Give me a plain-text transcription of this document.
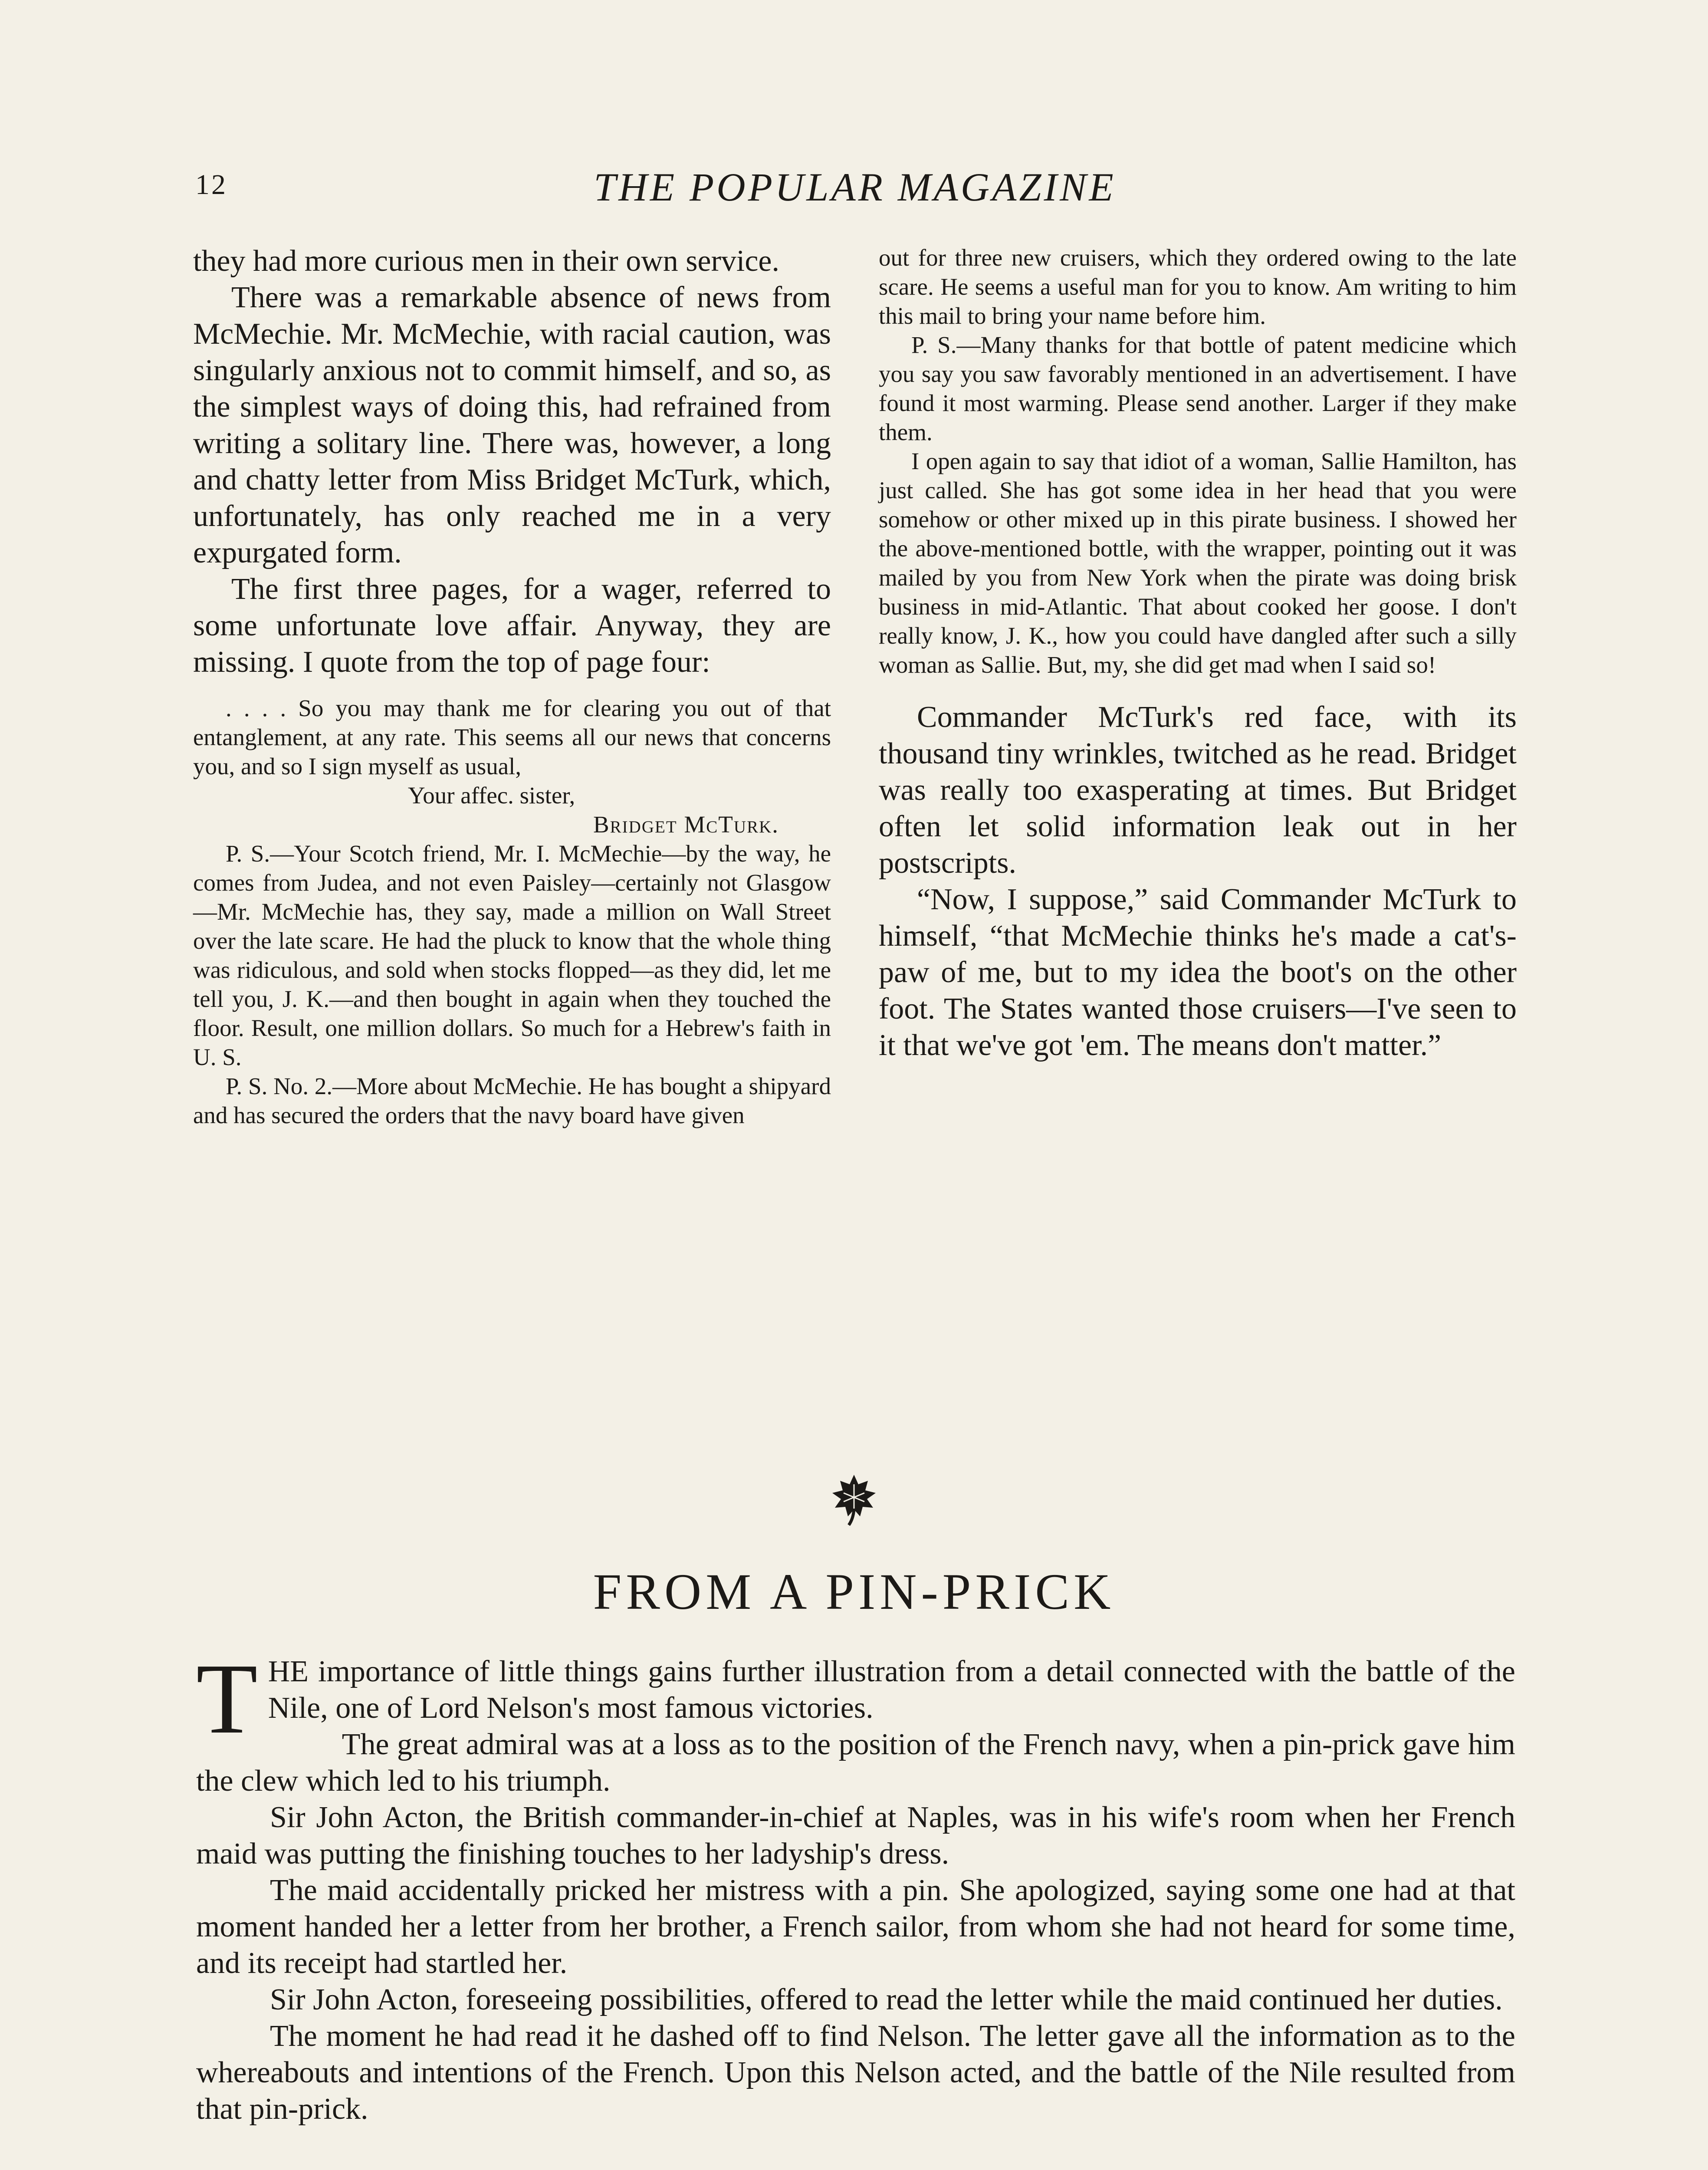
12	THE POPULAR MAGAZINE

they had more curious men in their own service.

There was a remarkable absence of news from McMechie. Mr. McMechie, with racial caution, was singularly anxious not to commit himself, and so, as the simplest ways of doing this, had refrained from writing a solitary line. There was, however, a long and chatty letter from Miss Bridget McTurk, which, unfortunately, has only reached me in a very expurgated form.

The first three pages, for a wager, referred to some unfortunate love affair. Anyway, they are missing. I quote from the top of page four:

. . . . So you may thank me for clearing you out of that entanglement, at any rate. This seems all our news that concerns you, and so I sign myself as usual,

Your affec. sister,

Bridget McTurk.

P. S.—Your Scotch friend, Mr. I. McMechie—by the way, he comes from Judea, and not even Paisley—certainly not Glasgow—Mr. McMechie has, they say, made a million on Wall Street over the late scare. He had the pluck to know that the whole thing was ridiculous, and sold when stocks flopped—as they did, let me tell you, J. K.—and then bought in again when they touched the floor. Result, one million dollars. So much for a Hebrew's faith in U. S.

P. S. No. 2.—More about McMechie. He has bought a shipyard and has secured the orders that the navy board have given

out for three new cruisers, which they ordered owing to the late scare. He seems a useful man for you to know. Am writing to him this mail to bring your name before him.

P. S.—Many thanks for that bottle of patent medicine which you say you saw favorably mentioned in an advertisement. I have found it most warming. Please send another. Larger if they make them.

I open again to say that idiot of a woman, Sallie Hamilton, has just called. She has got some idea in her head that you were somehow or other mixed up in this pirate business. I showed her the above-mentioned bottle, with the wrapper, pointing out it was mailed by you from New York when the pirate was doing brisk business in mid-Atlantic. That about cooked her goose. I don't really know, J. K., how you could have dangled after such a silly woman as Sallie. But, my, she did get mad when I said so!

Commander McTurk's red face, with its thousand tiny wrinkles, twitched as he read. Bridget was really too exasperating at times. But Bridget often let solid information leak out in her postscripts.

“Now, I suppose,” said Commander McTurk to himself, “that McMechie thinks he's made a cat's-paw of me, but to my idea the boot's on the other foot. The States wanted those cruisers—I've seen to it that we've got 'em. The means don't matter.”

FROM A PIN-PRICK

THE importance of little things gains further illustration from a detail connected with the battle of the Nile, one of Lord Nelson's most famous victories.

The great admiral was at a loss as to the position of the French navy, when a pin-prick gave him the clew which led to his triumph.

Sir John Acton, the British commander-in-chief at Naples, was in his wife's room when her French maid was putting the finishing touches to her ladyship's dress.

The maid accidentally pricked her mistress with a pin. She apologized, saying some one had at that moment handed her a letter from her brother, a French sailor, from whom she had not heard for some time, and its receipt had startled her.

Sir John Acton, foreseeing possibilities, offered to read the letter while the maid continued her duties.

The moment he had read it he dashed off to find Nelson. The letter gave all the information as to the whereabouts and intentions of the French. Upon this Nelson acted, and the battle of the Nile resulted from that pin-prick.
